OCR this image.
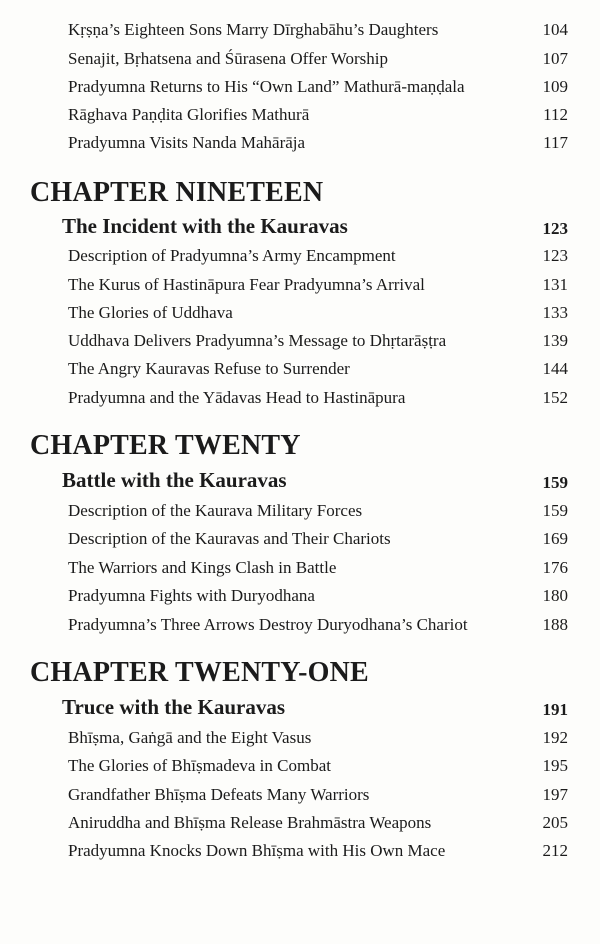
Kṛṣṇa’s Eighteen Sons Marry Dīrghabāhu’s Daughters	104
Senajit, Bṛhatsena and Śūrasena Offer Worship	107
Pradyumna Returns to His “Own Land” Mathurā-maṇḍala	109
Rāghava Paṇḍita Glorifies Mathurā	112
Pradyumna Visits Nanda Mahārāja	117
CHAPTER NINETEEN
The Incident with the Kauravas	123
Description of Pradyumna’s Army Encampment	123
The Kurus of Hastināpura Fear Pradyumna’s Arrival	131
The Glories of Uddhava	133
Uddhava Delivers Pradyumna’s Message to Dhṛtarāṣṭra	139
The Angry Kauravas Refuse to Surrender	144
Pradyumna and the Yādavas Head to Hastināpura	152
CHAPTER TWENTY
Battle with the Kauravas	159
Description of the Kaurava Military Forces	159
Description of the Kauravas and Their Chariots	169
The Warriors and Kings Clash in Battle	176
Pradyumna Fights with Duryodhana	180
Pradyumna’s Three Arrows Destroy Duryodhana’s Chariot	188
CHAPTER TWENTY-ONE
Truce with the Kauravas	191
Bhīṣma, Gaṅgā and the Eight Vasus	192
The Glories of Bhīṣmadeva in Combat	195
Grandfather Bhīṣma Defeats Many Warriors	197
Aniruddha and Bhīṣma Release Brahmāstra Weapons	205
Pradyumna Knocks Down Bhīṣma with His Own Mace	212
